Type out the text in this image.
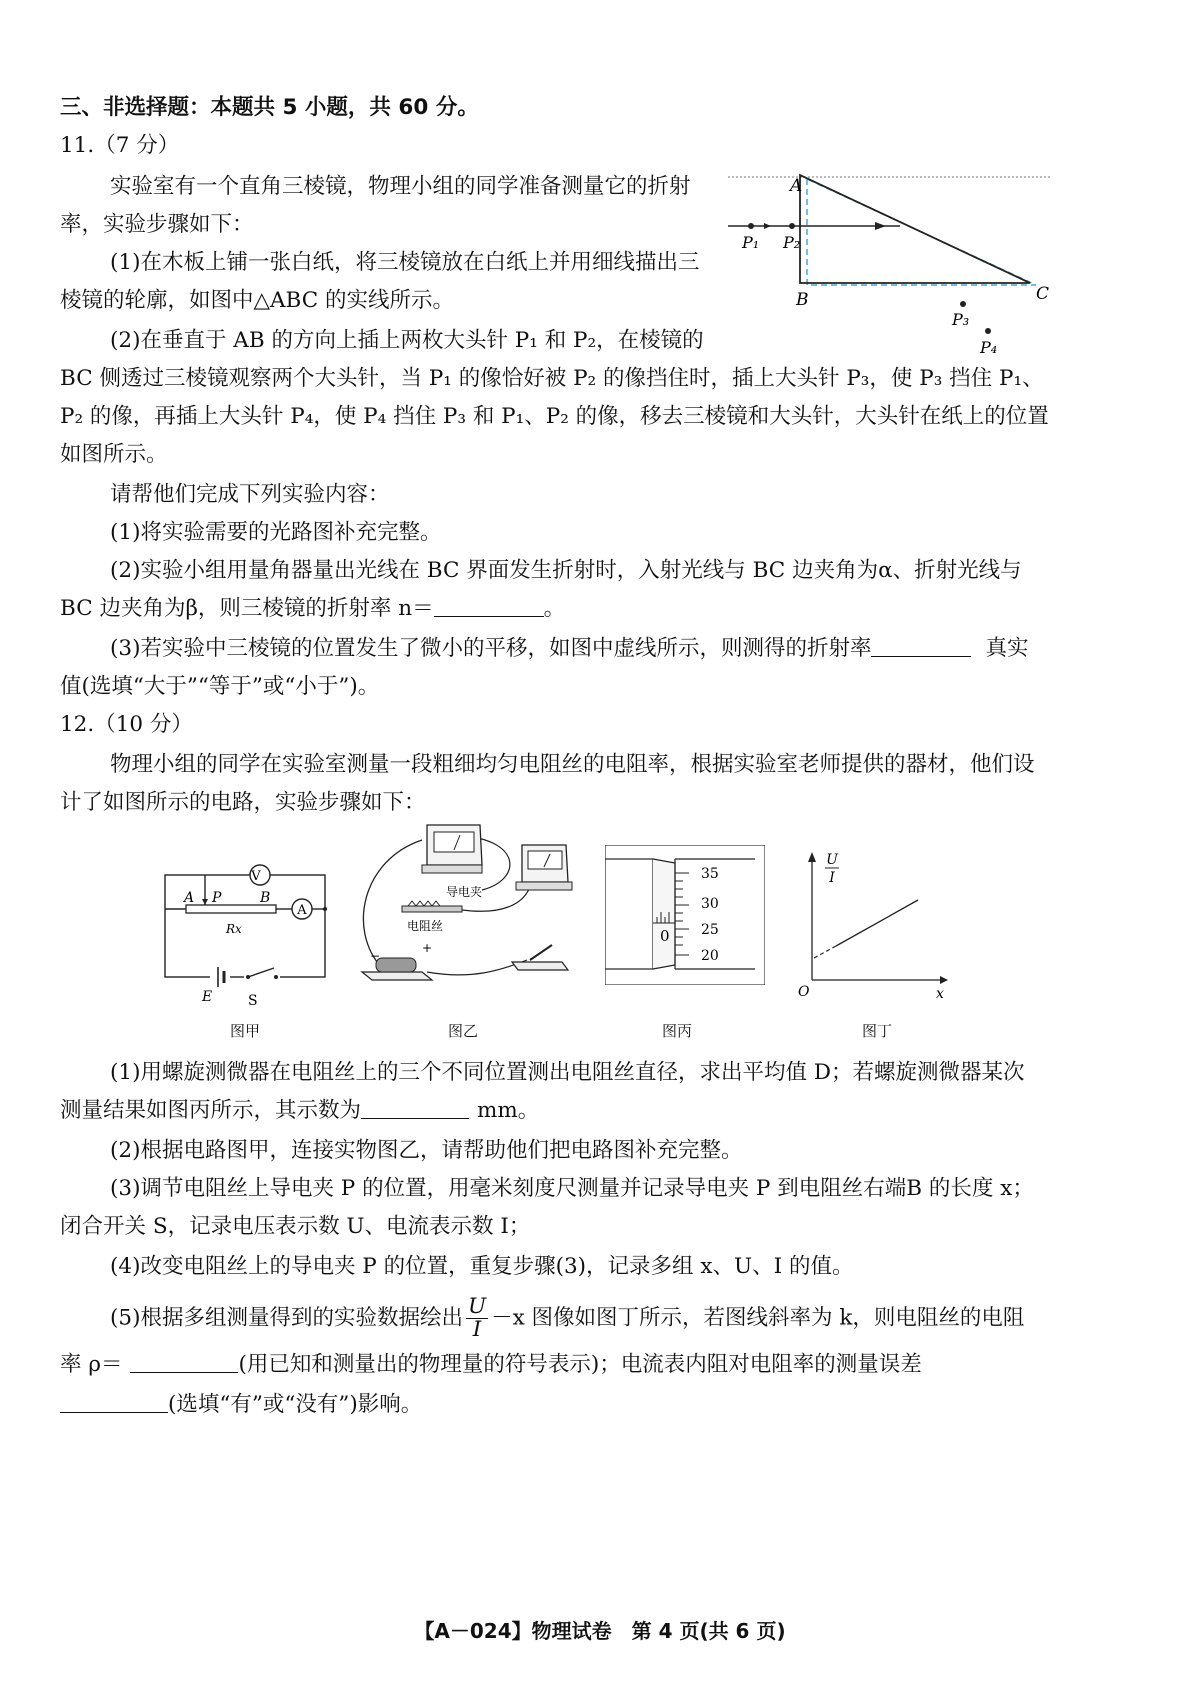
三、非选择题：本题共 5 小题，共 60 分。
11.（7 分）
实验室有一个直角三棱镜，物理小组的同学准备测量它的折射
率，实验步骤如下：
(1)在木板上铺一张白纸，将三棱镜放在白纸上并用细线描出三
棱镜的轮廓，如图中△ABC 的实线所示。
(2)在垂直于 AB 的方向上插上两枚大头针 P₁ 和 P₂，在棱镜的
BC 侧透过三棱镜观察两个大头针，当 P₁ 的像恰好被 P₂ 的像挡住时，插上大头针 P₃，使 P₃ 挡住 P₁、
P₂ 的像，再插上大头针 P₄，使 P₄ 挡住 P₃ 和 P₁、P₂ 的像，移去三棱镜和大头针，大头针在纸上的位置
如图所示。
请帮他们完成下列实验内容：
(1)将实验需要的光路图补充完整。
(2)实验小组用量角器量出光线在 BC 界面发生折射时，入射光线与 BC 边夹角为α、折射光线与
BC 边夹角为β，则三棱镜的折射率 n＝	。
(3)若实验中三棱镜的位置发生了微小的平移，如图中虚线所示，则测得的折射率	真实
值(选填“大于”“等于”或“小于”)。
A
B	C
P₁ P₂
P₃
P₄
12.（10 分）
物理小组的同学在实验室测量一段粗细均匀电阻丝的电阻率，根据实验室老师提供的器材，他们设
计了如图所示的电路，实验步骤如下：
V
A
A P	B
Rx
E	S
图甲
导电夹
电阻丝
−
+
图乙
0
35
30
25
20
图丙
U
I
x
O
图丁
(1)用螺旋测微器在电阻丝上的三个不同位置测出电阻丝直径，求出平均值 D；若螺旋测微器某次
测量结果如图丙所示，其示数为	mm。
(2)根据电路图甲，连接实物图乙，请帮助他们把电路图补充完整。
(3)调节电阻丝上导电夹 P 的位置，用毫米刻度尺测量并记录导电夹 P 到电阻丝右端B 的长度 x；
闭合开关 S，记录电压表示数 U、电流表示数 I；
(4)改变电阻丝上的导电夹 P 的位置，重复步骤(3)，记录多组 x、U、I 的值。
(5)根据多组测量得到的实验数据绘出 $\frac{U}{I} -x$ 图像如图丁所示，若图线斜率为 k，则电阻丝的电阻
率 ρ＝	(用已知和测量出的物理量的符号表示)；电流表内阻对电阻率的测量误差
(选填“有”或“没有”)影响。
【A－024】物理试卷　第 4 页(共 6 页)
